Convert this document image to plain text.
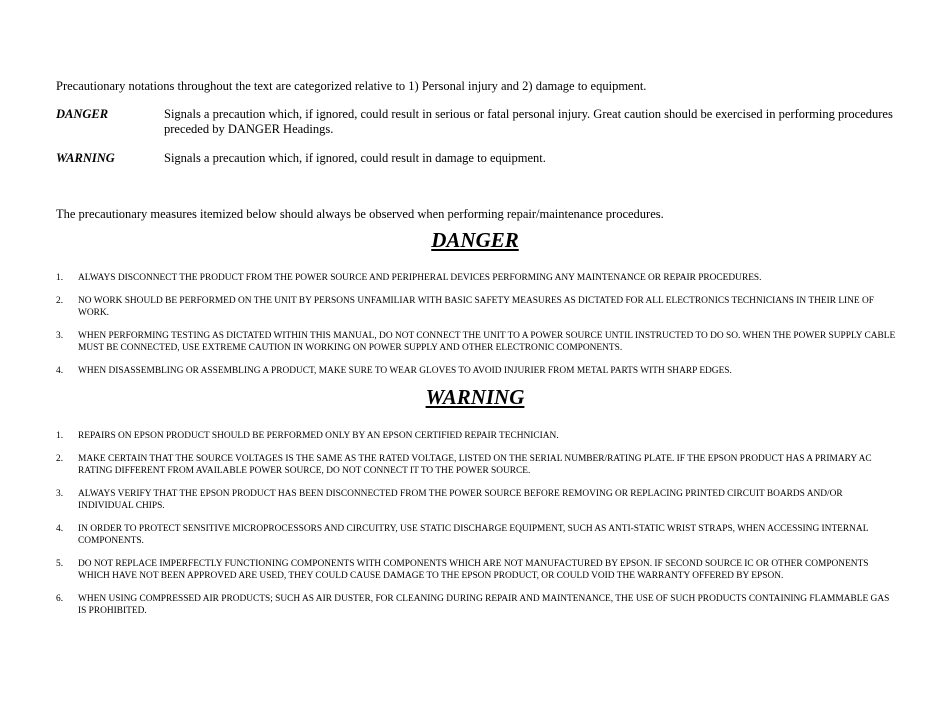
Precautionary notations throughout the text are categorized relative to 1) Personal injury and 2) damage to equipment.

DANGER	Signals a precaution which, if ignored, could result in serious or fatal personal injury. Great caution should be exercised in performing procedures preceded by DANGER Headings.
WARNING	Signals a precaution which, if ignored, could result in damage to equipment.

The precautionary measures itemized below should always be observed when performing repair/maintenance procedures.

DANGER
1.	ALWAYS DISCONNECT THE PRODUCT FROM THE POWER SOURCE AND PERIPHERAL DEVICES PERFORMING ANY MAINTENANCE OR REPAIR PROCEDURES.
2.	NO WORK SHOULD BE PERFORMED ON THE UNIT BY PERSONS UNFAMILIAR WITH BASIC SAFETY MEASURES AS DICTATED FOR ALL ELECTRONICS TECHNICIANS IN THEIR LINE OF WORK.
3.	WHEN PERFORMING TESTING AS DICTATED WITHIN THIS MANUAL, DO NOT CONNECT THE UNIT TO A POWER SOURCE UNTIL INSTRUCTED TO DO SO. WHEN THE POWER SUPPLY CABLE MUST BE CONNECTED, USE EXTREME CAUTION IN WORKING ON POWER SUPPLY AND OTHER ELECTRONIC COMPONENTS.
4.	WHEN DISASSEMBLING OR ASSEMBLING A PRODUCT, MAKE SURE TO WEAR GLOVES TO AVOID INJURIER FROM METAL PARTS WITH SHARP EDGES.
WARNING
1.	REPAIRS ON EPSON PRODUCT SHOULD BE PERFORMED ONLY BY AN EPSON CERTIFIED REPAIR TECHNICIAN.
2.	MAKE CERTAIN THAT THE SOURCE VOLTAGES IS THE SAME AS THE RATED VOLTAGE, LISTED ON THE SERIAL NUMBER/RATING PLATE. IF THE EPSON PRODUCT HAS A PRIMARY AC RATING DIFFERENT FROM AVAILABLE POWER SOURCE, DO NOT CONNECT IT TO THE POWER SOURCE.
3.	ALWAYS VERIFY THAT THE EPSON PRODUCT HAS BEEN DISCONNECTED FROM THE POWER SOURCE BEFORE REMOVING OR REPLACING PRINTED CIRCUIT BOARDS AND/OR INDIVIDUAL CHIPS.
4.	IN ORDER TO PROTECT SENSITIVE MICROPROCESSORS AND CIRCUITRY, USE STATIC DISCHARGE EQUIPMENT, SUCH AS ANTI-STATIC WRIST STRAPS, WHEN ACCESSING INTERNAL COMPONENTS.
5.	DO NOT REPLACE IMPERFECTLY FUNCTIONING COMPONENTS WITH COMPONENTS WHICH ARE NOT MANUFACTURED BY EPSON. IF SECOND SOURCE IC OR OTHER COMPONENTS WHICH HAVE NOT BEEN APPROVED ARE USED, THEY COULD CAUSE DAMAGE TO THE EPSON PRODUCT, OR COULD VOID THE WARRANTY OFFERED BY EPSON.
6.	WHEN USING COMPRESSED AIR PRODUCTS; SUCH AS AIR DUSTER, FOR CLEANING DURING REPAIR AND MAINTENANCE, THE USE OF SUCH PRODUCTS CONTAINING FLAMMABLE GAS IS PROHIBITED.
